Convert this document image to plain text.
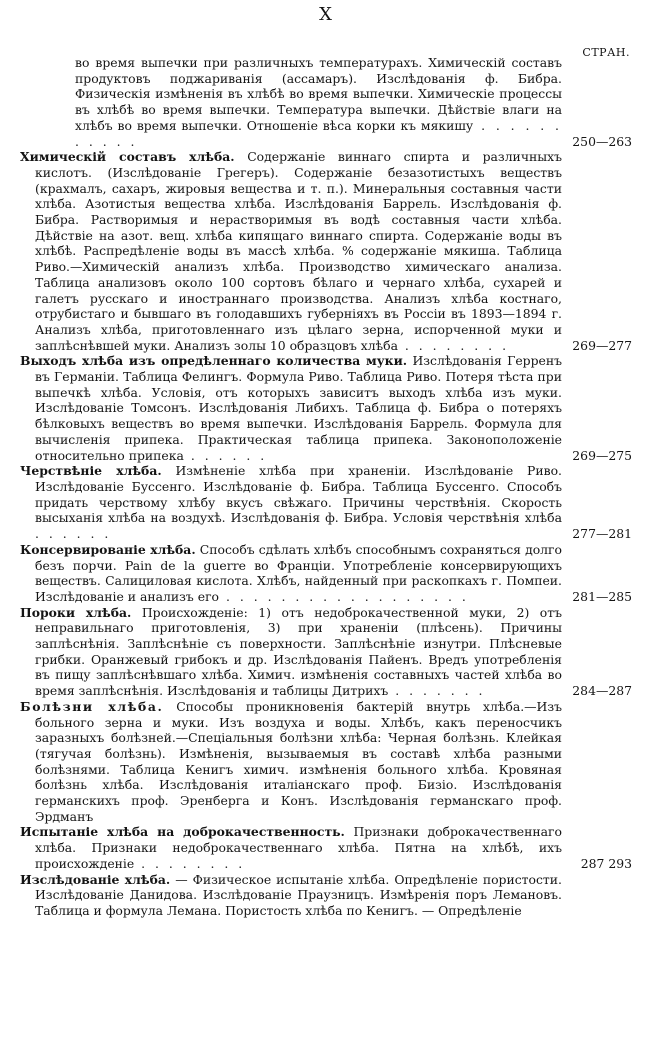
X
СТРАН.
во время выпечки при различныхъ температурахъ. Химическій составъ продуктовъ поджариванія (ассамаръ). Изслѣдованія ф. Бибра. Физическія измѣненія въ хлѣбѣ во время выпечки. Химическіе процессы въ хлѣбѣ во время выпечки. Температура выпечки. Дѣйствіе влаги на хлѣбъ во время выпечки. Отношеніе вѣса корки къ мякишу . . . . . . . . . . .	250—263
Химическій составъ хлѣба. Содержаніе виннаго спирта и различныхъ кислотъ. (Изслѣдованіе Грегеръ). Содержаніе безазотистыхъ веществъ (крахмалъ, сахаръ, жировыя вещества и т. п.). Минеральныя составныя части хлѣба. Азотистыя вещества хлѣба. Изслѣдованія Баррель. Изслѣдованія ф. Бибра. Растворимыя и нерастворимыя въ водѣ составныя части хлѣба. Дѣйствіе на азот. вещ. хлѣба кипящаго виннаго спирта. Содержаніе воды въ хлѣбѣ. Распредѣленіе воды въ массѣ хлѣба. % содержаніе мякиша. Таблица Риво.—Химическій анализъ хлѣба. Производство химическаго анализа. Таблица анализовъ около 100 сортовъ бѣлаго и чернаго хлѣба, сухарей и галетъ русскаго и иностраннаго производства. Анализъ хлѣба костнаго, отрубистаго и бывшаго въ голодавшихъ губерніяхъ въ Россіи въ 1893—1894 г. Анализъ хлѣба, приготовленнаго изъ цѣлаго зерна, испорченной муки и заплѣснѣвшей муки. Анализъ золы 10 образцовъ хлѣба . . . . . . . .	269—277
Выходъ хлѣба изъ опредѣленнаго количества муки. Изслѣдованія Герренъ въ Германіи. Таблица Фелингъ. Формула Риво. Таблица Риво. Потеря тѣста при выпечкѣ хлѣба. Условія, отъ которыхъ зависитъ выходъ хлѣба изъ муки. Изслѣдованіе Томсонъ. Изслѣдованія Либихъ. Таблица ф. Бибра о потеряхъ бѣлковыхъ веществъ во время выпечки. Изслѣдованія Баррель. Формула для вычисленія припека. Практическая таблица припека. Законоположеніе относительно припека . . . . . .	269—275
Черствѣніе хлѣба. Измѣненіе хлѣба при храненіи. Изслѣдованіе Риво. Изслѣдованіе Буссенго. Изслѣдованіе ф. Бибра. Таблица Буссенго. Способъ придать черствому хлѣбу вкусъ свѣжаго. Причины черствѣнія. Скорость высыханія хлѣба на воздухѣ. Изслѣдованія ф. Бибра. Условія черствѣнія хлѣба . . . . . .	277—281
Консервированіе хлѣба. Способъ сдѣлать хлѣбъ способнымъ сохраняться долго безъ порчи. Pain de la guerre во Франціи. Употребленіе консервирующихъ веществъ. Салициловая кислота. Хлѣбъ, найденный при раскопкахъ г. Помпеи. Изслѣдованіе и анализъ его . . . . . . . . . . . . . . . . . .	281—285
Пороки хлѣба. Происхожденіе: 1) отъ недоброкачественной муки, 2) отъ неправильнаго приготовленія, 3) при храненіи (плѣсень). Причины заплѣснѣнія. Заплѣснѣніе съ поверхности. Заплѣснѣніе изнутри. Плѣсневые грибки. Оранжевый грибокъ и др. Изслѣдованія Пайенъ. Вредъ употребленія въ пищу заплѣснѣвшаго хлѣба. Химич. измѣненія составныхъ частей хлѣба во время заплѣснѣнія. Изслѣдованія и таблицы Дитрихъ . . . . . . .	284—287
Болѣзни хлѣба. Способы проникновенія бактерій внутрь хлѣба.—Изъ больного зерна и муки. Изъ воздуха и воды. Хлѣбъ, какъ переносчикъ заразныхъ болѣзней.—Спеціальныя болѣзни хлѣба: Черная болѣзнь. Клейкая (тягучая болѣзнь). Измѣненія, вызываемыя въ составѣ хлѣба разными болѣзнями. Таблица Кенигъ химич. измѣненія больного хлѣба. Кровяная болѣзнь хлѣба. Изслѣдованія италіанскаго проф. Бизіо. Изслѣдованія германскихъ проф. Эренберга и Конъ. Изслѣдованія германскаго проф. Эрдманъ
Испытаніе хлѣба на доброкачественность. Признаки доброкачественнаго хлѣба. Признаки недоброкачественнаго хлѣба. Пятна на хлѣбѣ, ихъ происхожденіе . . . . . . . .	287 293
Изслѣдованіе хлѣба. — Физическое испытаніе хлѣба. Опредѣленіе пористости. Изслѣдованіе Данидова. Изслѣдованіе Праузницъ. Измѣренія поръ Лемановъ. Таблица и формула Лемана. Пористость хлѣба по Кенигъ. — Опредѣленіе
